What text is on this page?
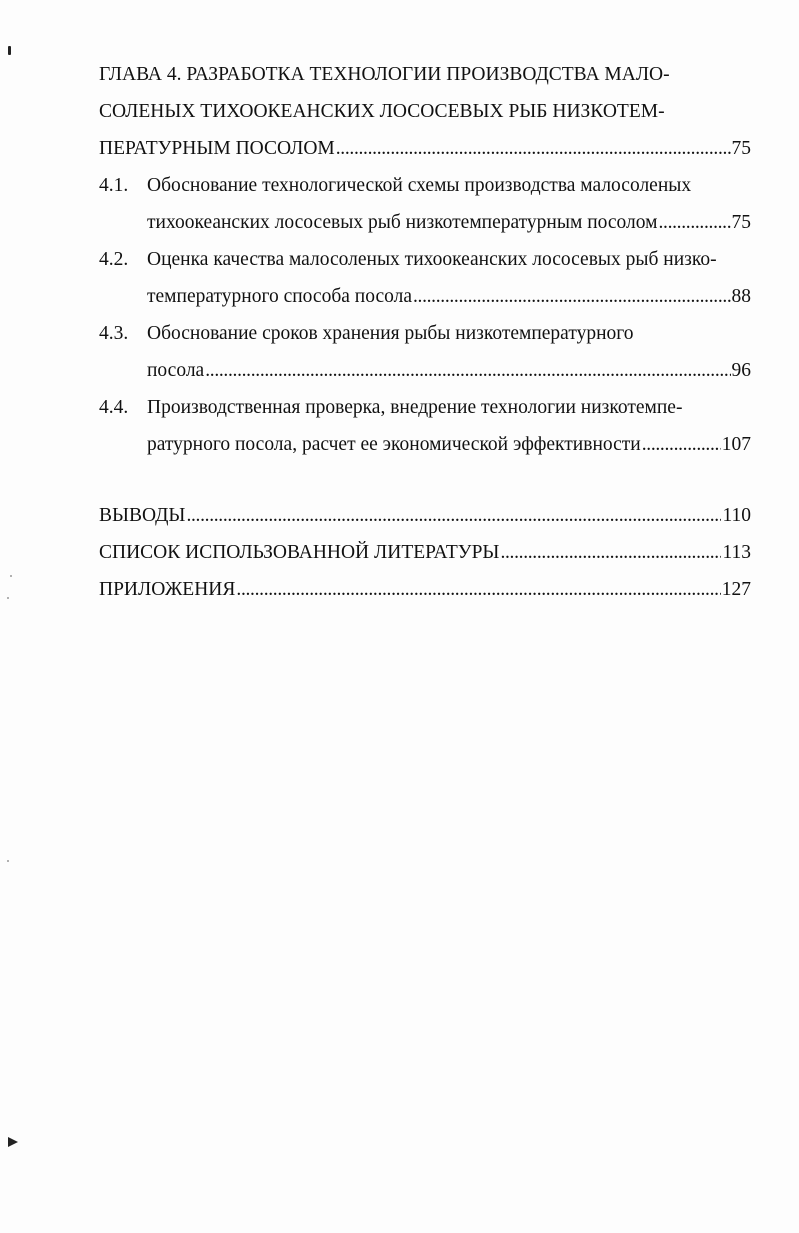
ГЛАВА 4. РАЗРАБОТКА ТЕХНОЛОГИИ ПРОИЗВОДСТВА МАЛО-
СОЛЕНЫХ ТИХООКЕАНСКИХ ЛОСОСЕВЫХ РЫБ НИЗКОТЕМ-
ПЕРАТУРНЫМ ПОСОЛОМ . . .	75
4.1. Обоснование технологической схемы производства малосоленых
тихоокеанских лососевых рыб низкотемпературным посолом . . .	75
4.2. Оценка качества малосоленых тихоокеанских лососевых рыб низко-
температурного способа посола . . .	88
4.3. Обоснование сроков хранения рыбы низкотемпературного
посола . . .	96
4.4. Производственная проверка, внедрение технологии низкотемпе-
ратурного посола, расчет ее экономической эффективности . . .	107
ВЫВОДЫ . . .	110
СПИСОК ИСПОЛЬЗОВАННОЙ ЛИТЕРАТУРЫ . . .	113
ПРИЛОЖЕНИЯ . . .	127
